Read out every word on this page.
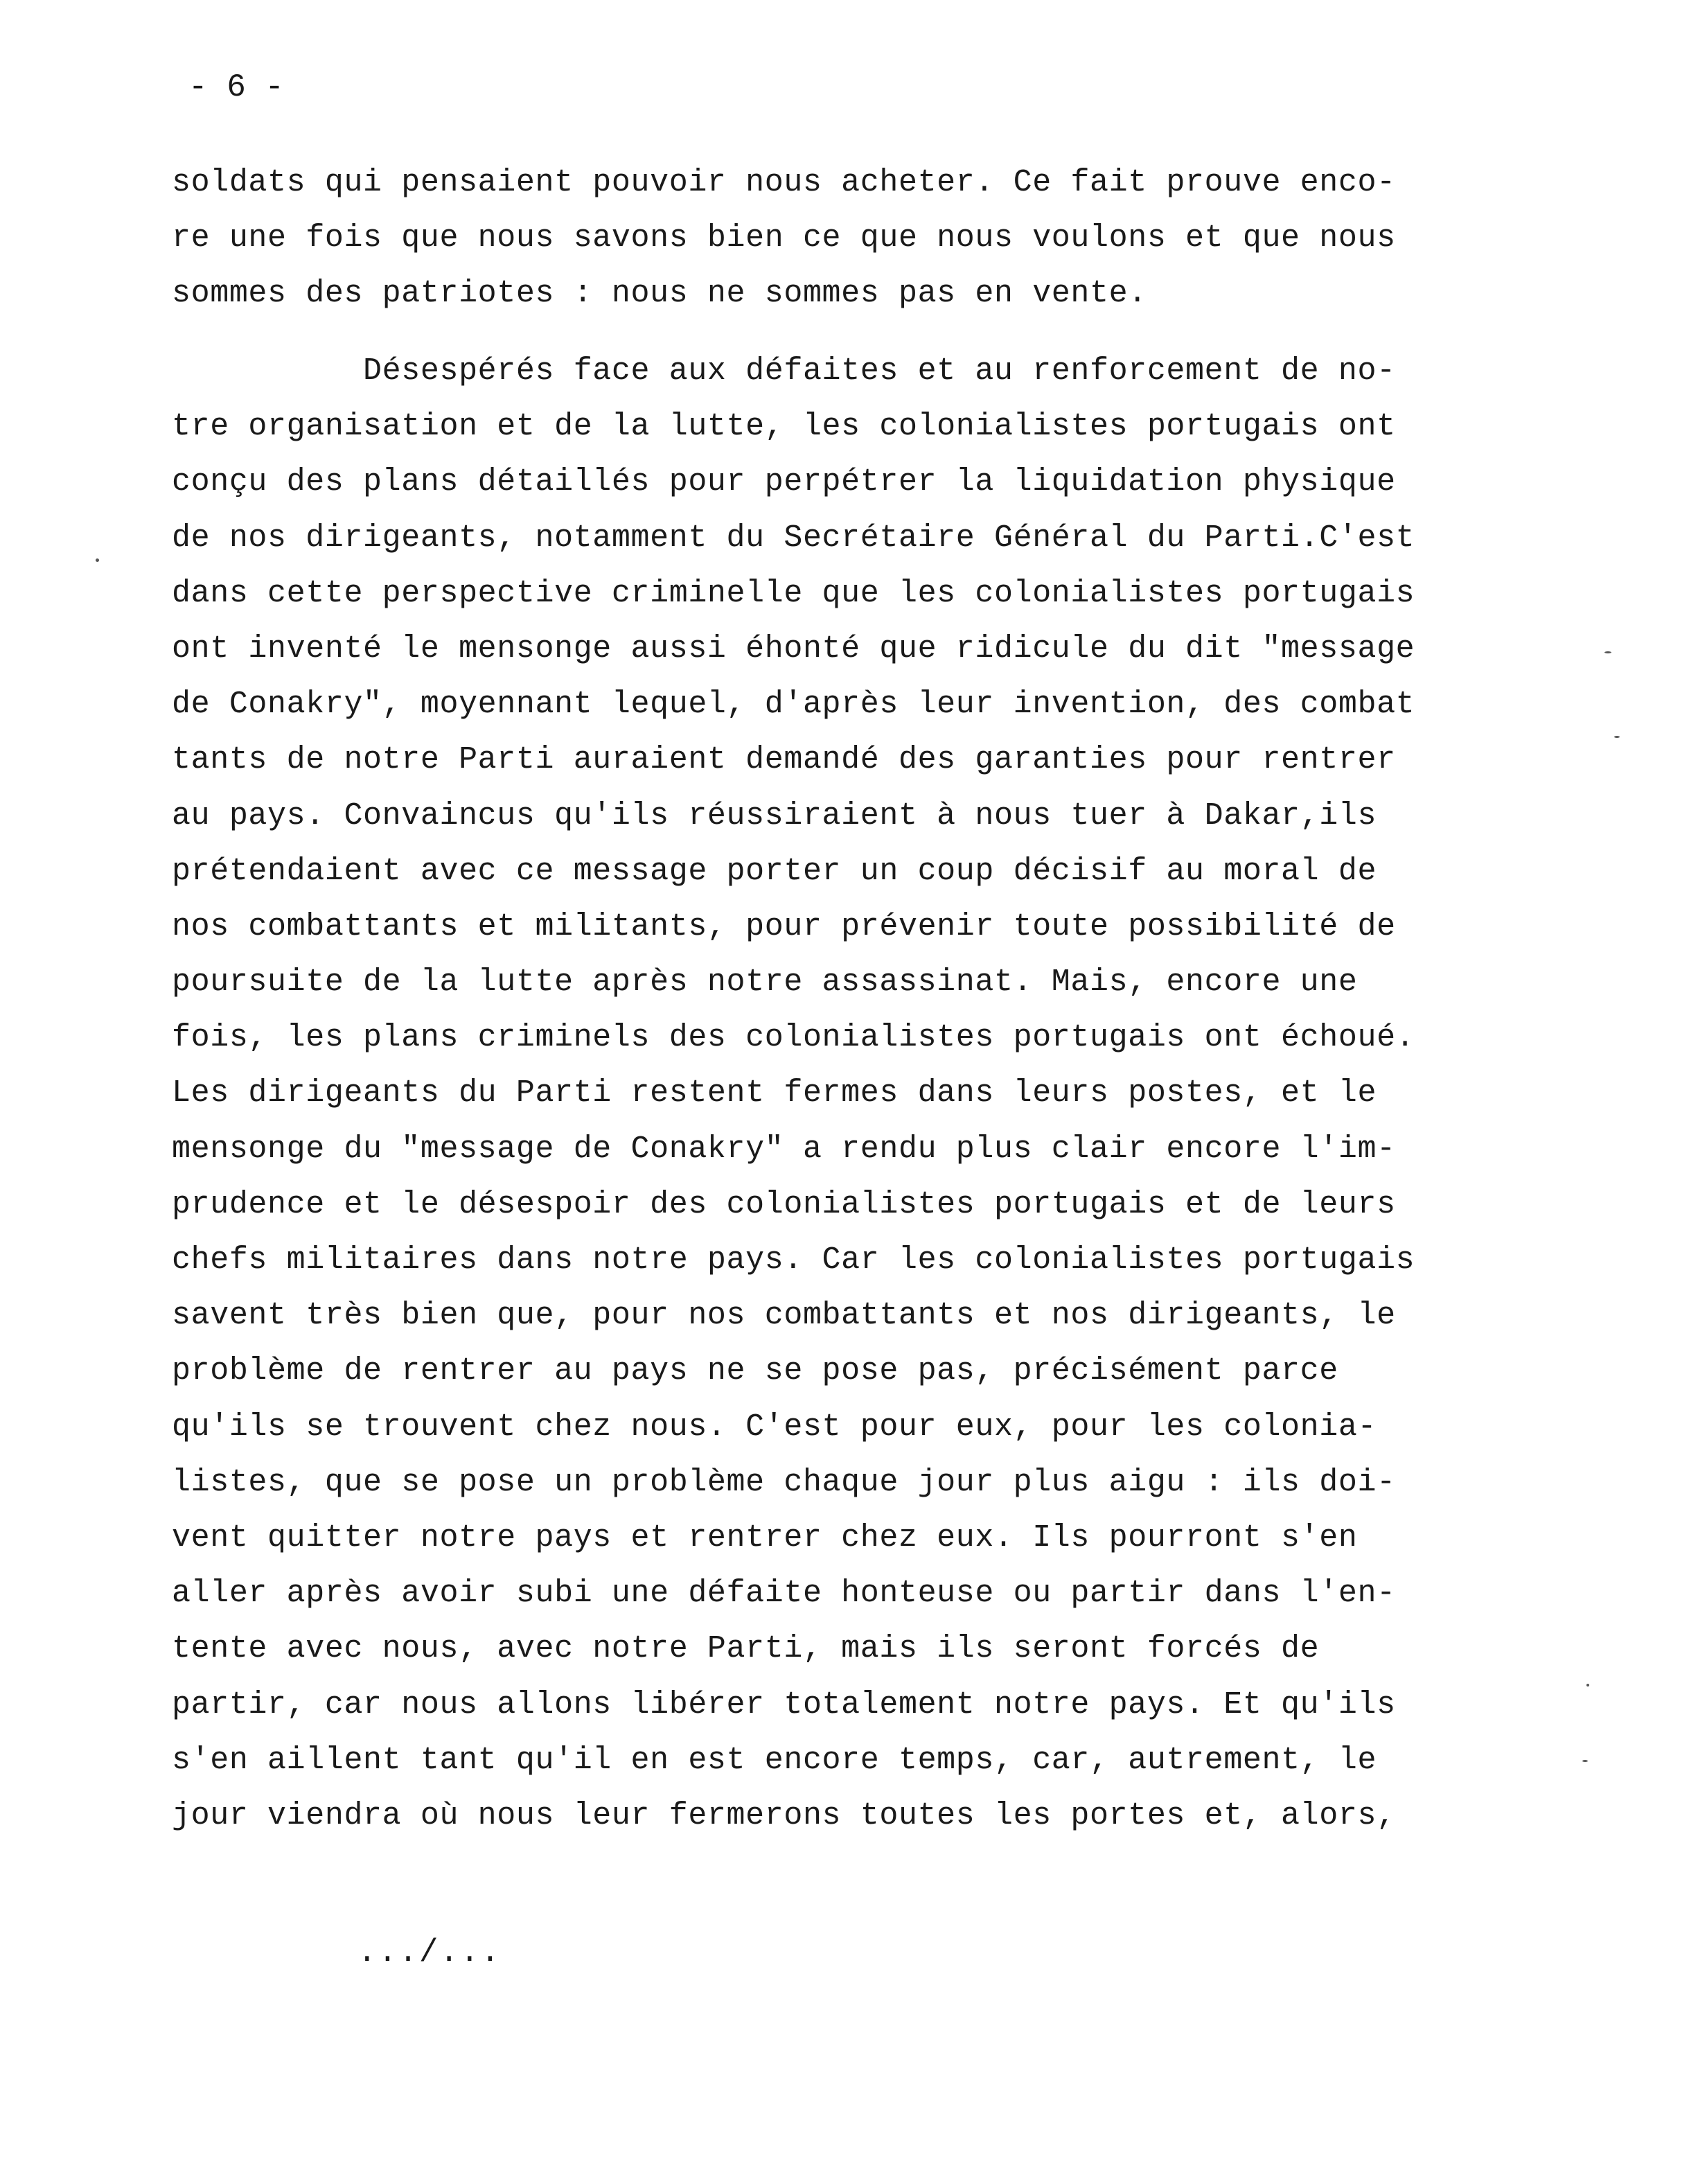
- 6 -
soldats qui pensaient pouvoir nous acheter. Ce fait prouve enco-
re une fois que nous savons bien ce que nous voulons et que nous
sommes des patriotes : nous ne sommes pas en vente.
Désespérés face aux défaites et au renforcement de no-
tre organisation et de la lutte, les colonialistes portugais ont
conçu des plans détaillés pour perpétrer la liquidation physique
de nos dirigeants, notamment du Secrétaire Général du Parti.C'est
dans cette perspective criminelle que les colonialistes portugais
ont inventé le mensonge aussi éhonté que ridicule du dit "message
de Conakry", moyennant lequel, d'après leur invention, des combat
tants de notre Parti auraient demandé des garanties pour rentrer
au pays. Convaincus qu'ils réussiraient à nous tuer à Dakar,ils
prétendaient avec ce message porter un coup décisif au moral de
nos combattants et militants, pour prévenir toute possibilité de
poursuite de la lutte après notre assassinat. Mais, encore une
fois, les plans criminels des colonialistes portugais ont échoué.
Les dirigeants du Parti restent fermes dans leurs postes, et le
mensonge du "message de Conakry" a rendu plus clair encore l'im-
prudence et le désespoir des colonialistes portugais et de leurs
chefs militaires dans notre pays. Car les colonialistes portugais
savent très bien que, pour nos combattants et nos dirigeants, le
problème de rentrer au pays ne se pose pas, précisément parce
qu'ils se trouvent chez nous. C'est pour eux, pour les colonia-
listes, que se pose un problème chaque jour plus aigu : ils doi-
vent quitter notre pays et rentrer chez eux. Ils pourront s'en
aller après avoir subi une défaite honteuse ou partir dans l'en-
tente avec nous, avec notre Parti, mais ils seront forcés de
partir, car nous allons libérer totalement notre pays. Et qu'ils
s'en aillent tant qu'il en est encore temps, car, autrement, le
jour viendra où nous leur fermerons toutes les portes et, alors,
.../...
